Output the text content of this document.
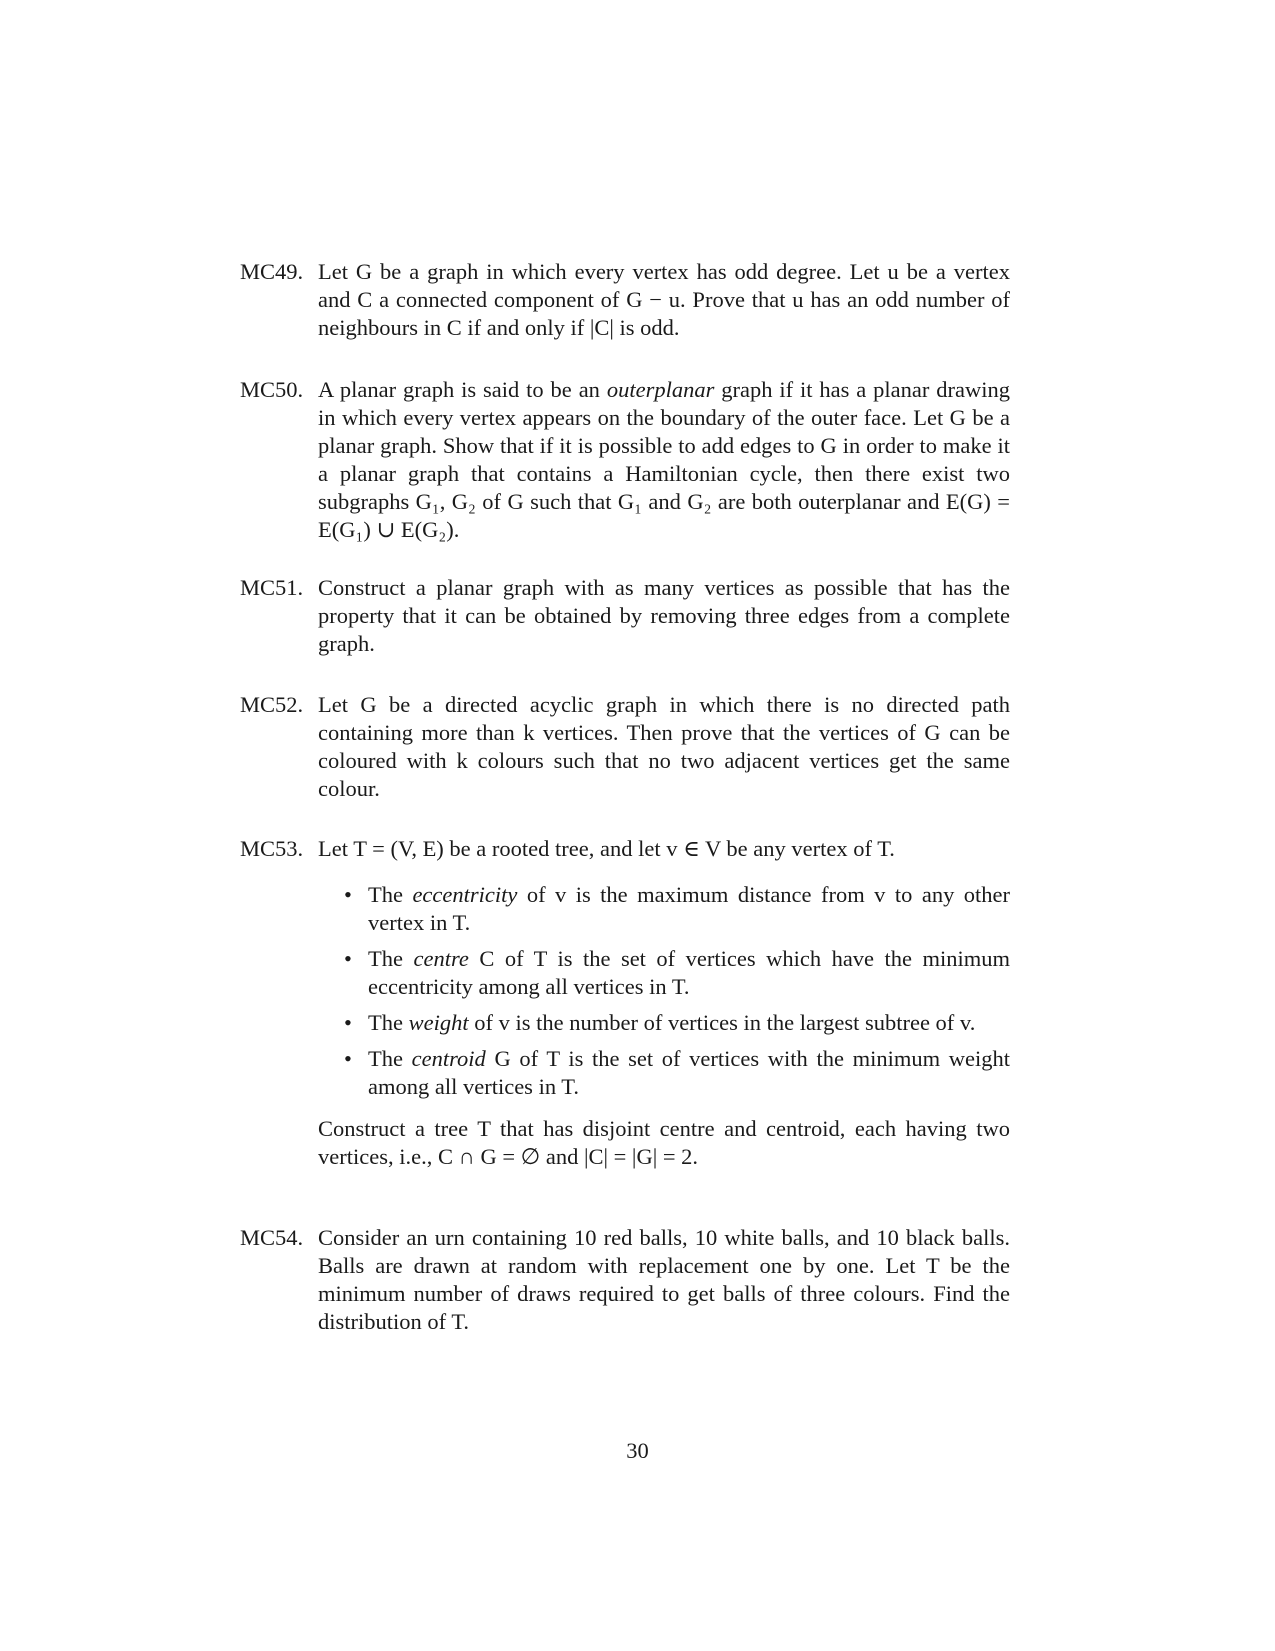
MC49. Let G be a graph in which every vertex has odd degree. Let u be a vertex and C a connected component of G − u. Prove that u has an odd number of neighbours in C if and only if |C| is odd.

MC50. A planar graph is said to be an outerplanar graph if it has a planar drawing in which every vertex appears on the boundary of the outer face. Let G be a planar graph. Show that if it is possible to add edges to G in order to make it a planar graph that contains a Hamiltonian cycle, then there exist two subgraphs G₁, G₂ of G such that G₁ and G₂ are both outerplanar and E(G) = E(G₁) ∪ E(G₂).

MC51. Construct a planar graph with as many vertices as possible that has the property that it can be obtained by removing three edges from a complete graph.

MC52. Let G be a directed acyclic graph in which there is no directed path containing more than k vertices. Then prove that the vertices of G can be coloured with k colours such that no two adjacent vertices get the same colour.

MC53. Let T = (V, E) be a rooted tree, and let v ∈ V be any vertex of T.

• The eccentricity of v is the maximum distance from v to any other vertex in T.
• The centre C of T is the set of vertices which have the minimum eccentricity among all vertices in T.
• The weight of v is the number of vertices in the largest subtree of v.
• The centroid G of T is the set of vertices with the minimum weight among all vertices in T.

Construct a tree T that has disjoint centre and centroid, each having two vertices, i.e., C ∩ G = ∅ and |C| = |G| = 2.

MC54. Consider an urn containing 10 red balls, 10 white balls, and 10 black balls. Balls are drawn at random with replacement one by one. Let T be the minimum number of draws required to get balls of three colours. Find the distribution of T.

30
